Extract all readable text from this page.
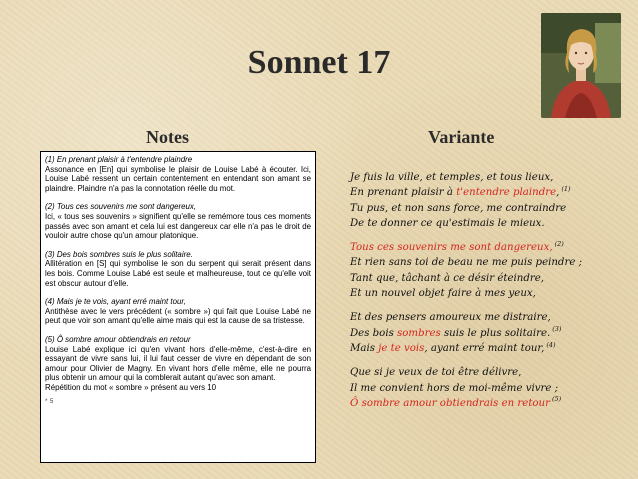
Sonnet 17
Notes	Variante
(1) En prenant plaisir à t'entendre plaindre
Assonance en [En] qui symbolise le plaisir de Louise Labé à écouter. Ici, Louise Labé ressent un certain contentement en entendant son amant se plaindre. Plaindre n'a pas la connotation réelle du mot.
(2) Tous ces souvenirs me sont dangereux,
Ici, « tous ses souvenirs » signifient qu'elle se remémore tous ces moments passés avec son amant et cela lui est dangereux car elle n'a pas le droit de vouloir autre chose qu'un amour platonique.
(3) Des bois sombres suis le plus solitaire.
Allitération en [S] qui symbolise le son du serpent qui serait présent dans les bois. Comme Louise Labé est seule et malheureuse, tout ce qu'elle voit est obscur autour d'elle.
(4) Mais je te vois, ayant erré maint tour,
Antithèse avec le vers précédent (« sombre ») qui fait que Louise Labé ne peut que voir son amant qu'elle aime mais qui est la cause de sa tristesse.
(5) Ô sombre amour obtiendrais en retour
Louise Labé explique ici qu'en vivant hors d'elle-même, c'est-à-dire en essayant de vivre sans lui, il lui faut cesser de vivre en dépendant de son amour pour Olivier de Magny. En vivant hors d'elle même, elle ne pourra plus obtenir un amour qui la comblerait autant qu'avec son amant.
Répétition du mot « sombre » présent au vers 10
* 5
Je fuis la ville, et temples, et tous lieux,
En prenant plaisir à t'entendre plaindre, $^{(1)}$
Tu pus, et non sans force, me contraindre
De te donner ce qu'estimais le mieux.
Tous ces souvenirs me sont dangereux, $^{(2)}$
Et rien sans toi de beau ne me puis peindre ;
Tant que, tâchant à ce désir éteindre,
Et un nouvel objet faire à mes yeux,
Et des pensers amoureux me distraire,
Des bois sombres suis le plus solitaire. $^{(3)}$
Mais je te vois, ayant erré maint tour, $^{(4)}$
Que si je veux de toi être délivre,
Il me convient hors de moi-même vivre ;
Ô sombre amour obtiendrais en retour $^{(5)}$
